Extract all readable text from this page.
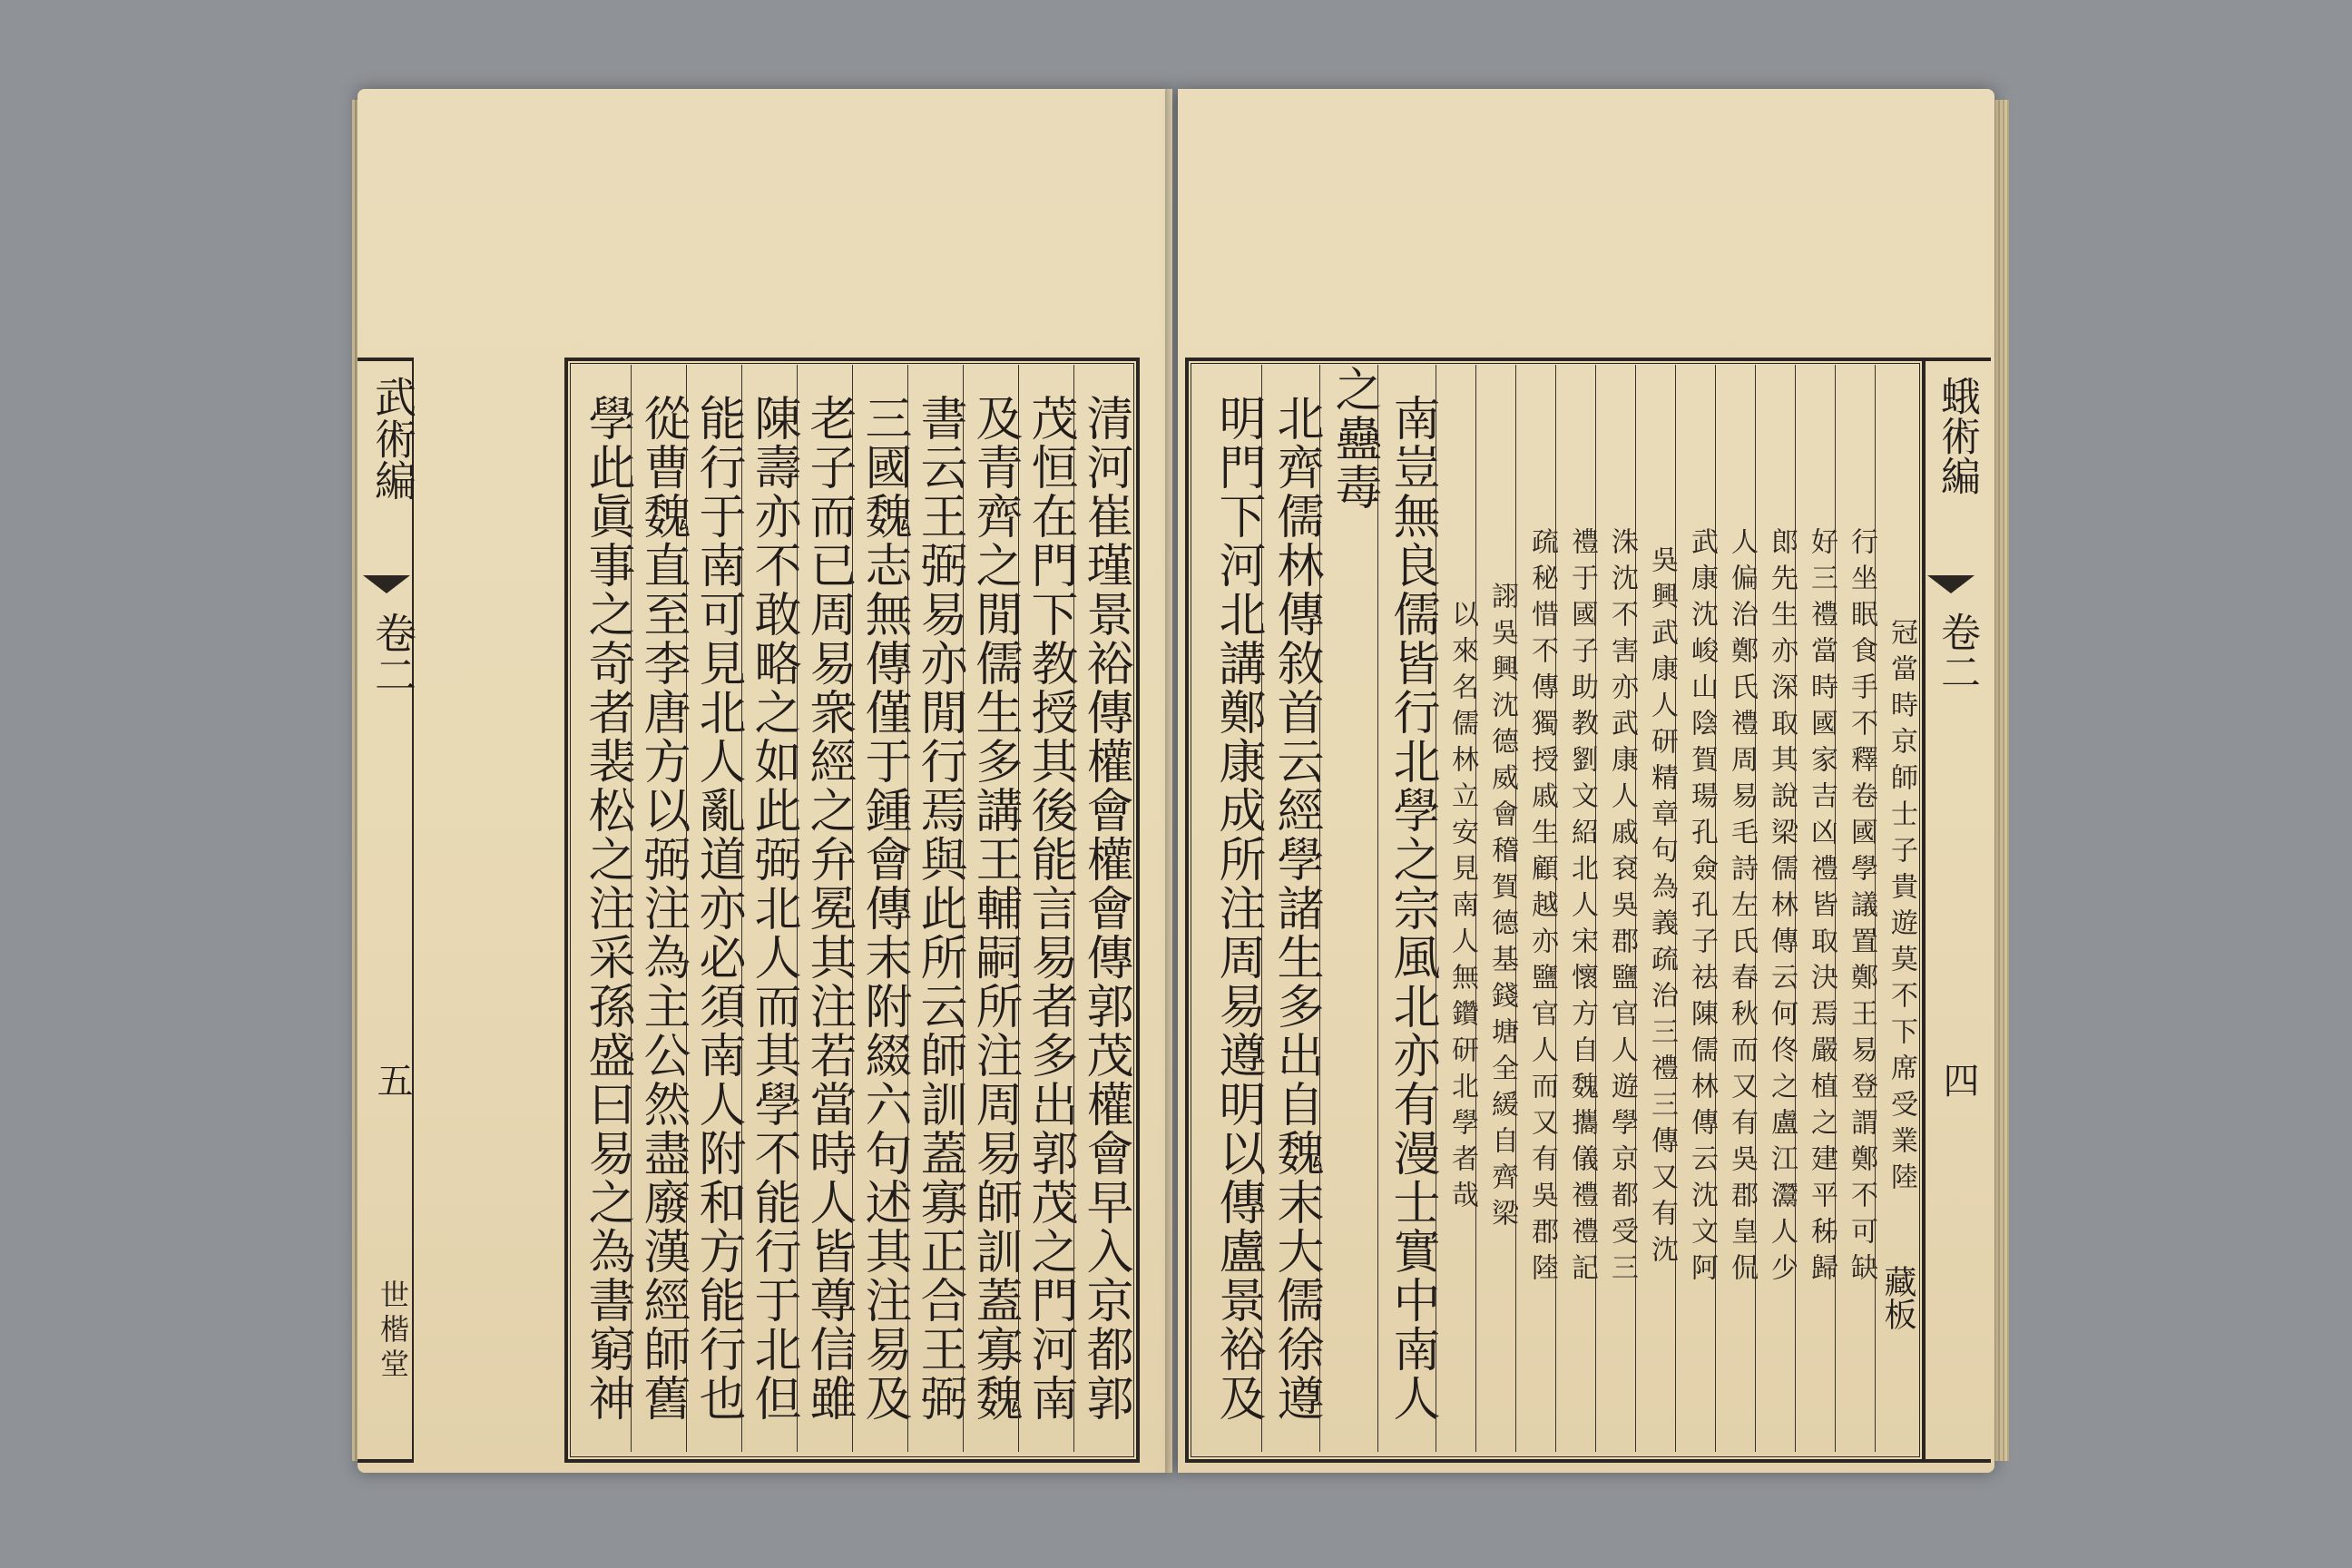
清河崔瑾景裕傳權會權會傳郭茂權會早入京都郭
茂恒在門下教授其後能言易者多出郭茂之門河南
及青齊之閒儒生多講王輔嗣所注周易師訓蓋寡魏
書云王弼易亦閒行焉與此所云師訓蓋寡正合王弼
三國魏志無傳僅于鍾會傳末附綴六句述其注易及
老子而已周易衆經之弁冕其注若當時人皆尊信雖
陳壽亦不敢略之如此弼北人而其學不能行于北但
能行于南可見北人亂道亦必須南人附和方能行也
從曹魏直至李唐方以弼注為主公然盡廢漢經師舊
學此眞事之奇者裴松之注采孫盛曰易之為書窮神
武術編
卷二
五
世楷堂
冠當時京師士子貴遊莫不下席受業陸
行坐眠食手不釋卷國學議置鄭王易登謂鄭不可缺
好三禮當時國家吉凶禮皆取決焉嚴植之建平秭歸
郎先生亦深取其說梁儒林傳云何佟之盧江灊人少
人偏治鄭氏禮周易毛詩左氏春秋而又有吳郡皇侃
武康沈峻山陰賀瑒孔僉孔子祛陳儒林傳云沈文阿
吳興武康人研精章句為義疏治三禮三傳又有沈
洙沈不害亦武康人戚袞吳郡鹽官人遊學京都受三
禮于國子助教劉文紹北人宋懷方自魏攜儀禮禮記
疏秘惜不傳獨授戚生顧越亦鹽官人而又有吳郡陸
詡吳興沈德威會稽賀德基錢塘全緩自齊梁
以來名儒林立安見南人無鑽研北學者哉
南豈無良儒皆行北學之宗風北亦有漫士實中南人
之蠱毒
北齊儒林傳敘首云經學諸生多出自魏末大儒徐遵
明門下河北講鄭康成所注周易遵明以傳盧景裕及	蛾術編
卷二
四
藏板
